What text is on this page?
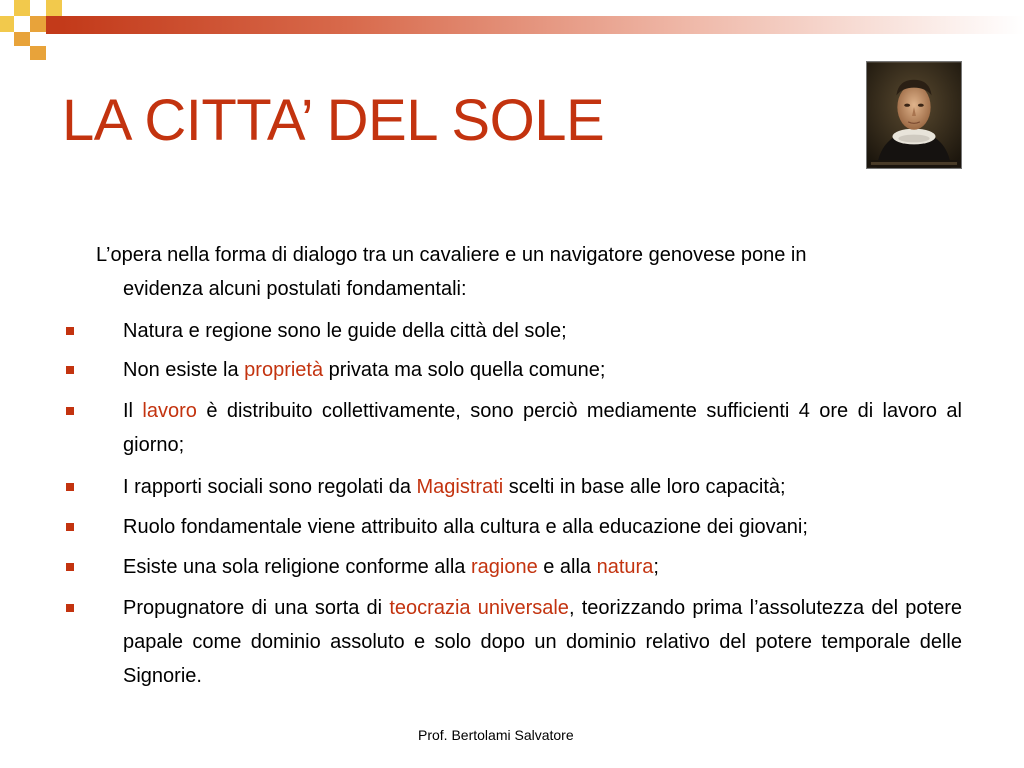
LA CITTA’ DEL SOLE

L’opera nella forma di dialogo tra un cavaliere e un navigatore genovese pone in
evidenza alcuni postulati fondamentali:

Natura e regione sono le guide della città del sole;

Non esiste la proprietà privata ma solo quella comune;

Il lavoro è distribuito collettivamente, sono perciò mediamente sufficienti 4 ore di lavoro al giorno;

I rapporti sociali sono regolati da Magistrati scelti in base alle loro capacità;

Ruolo fondamentale viene attribuito alla cultura e alla educazione dei giovani;

Esiste una sola religione conforme alla ragione e alla natura;

Propugnatore di una sorta di teocrazia universale, teorizzando prima l’assolutezza del potere papale come dominio assoluto e solo dopo un dominio relativo del potere temporale delle Signorie.

Prof. Bertolami Salvatore
